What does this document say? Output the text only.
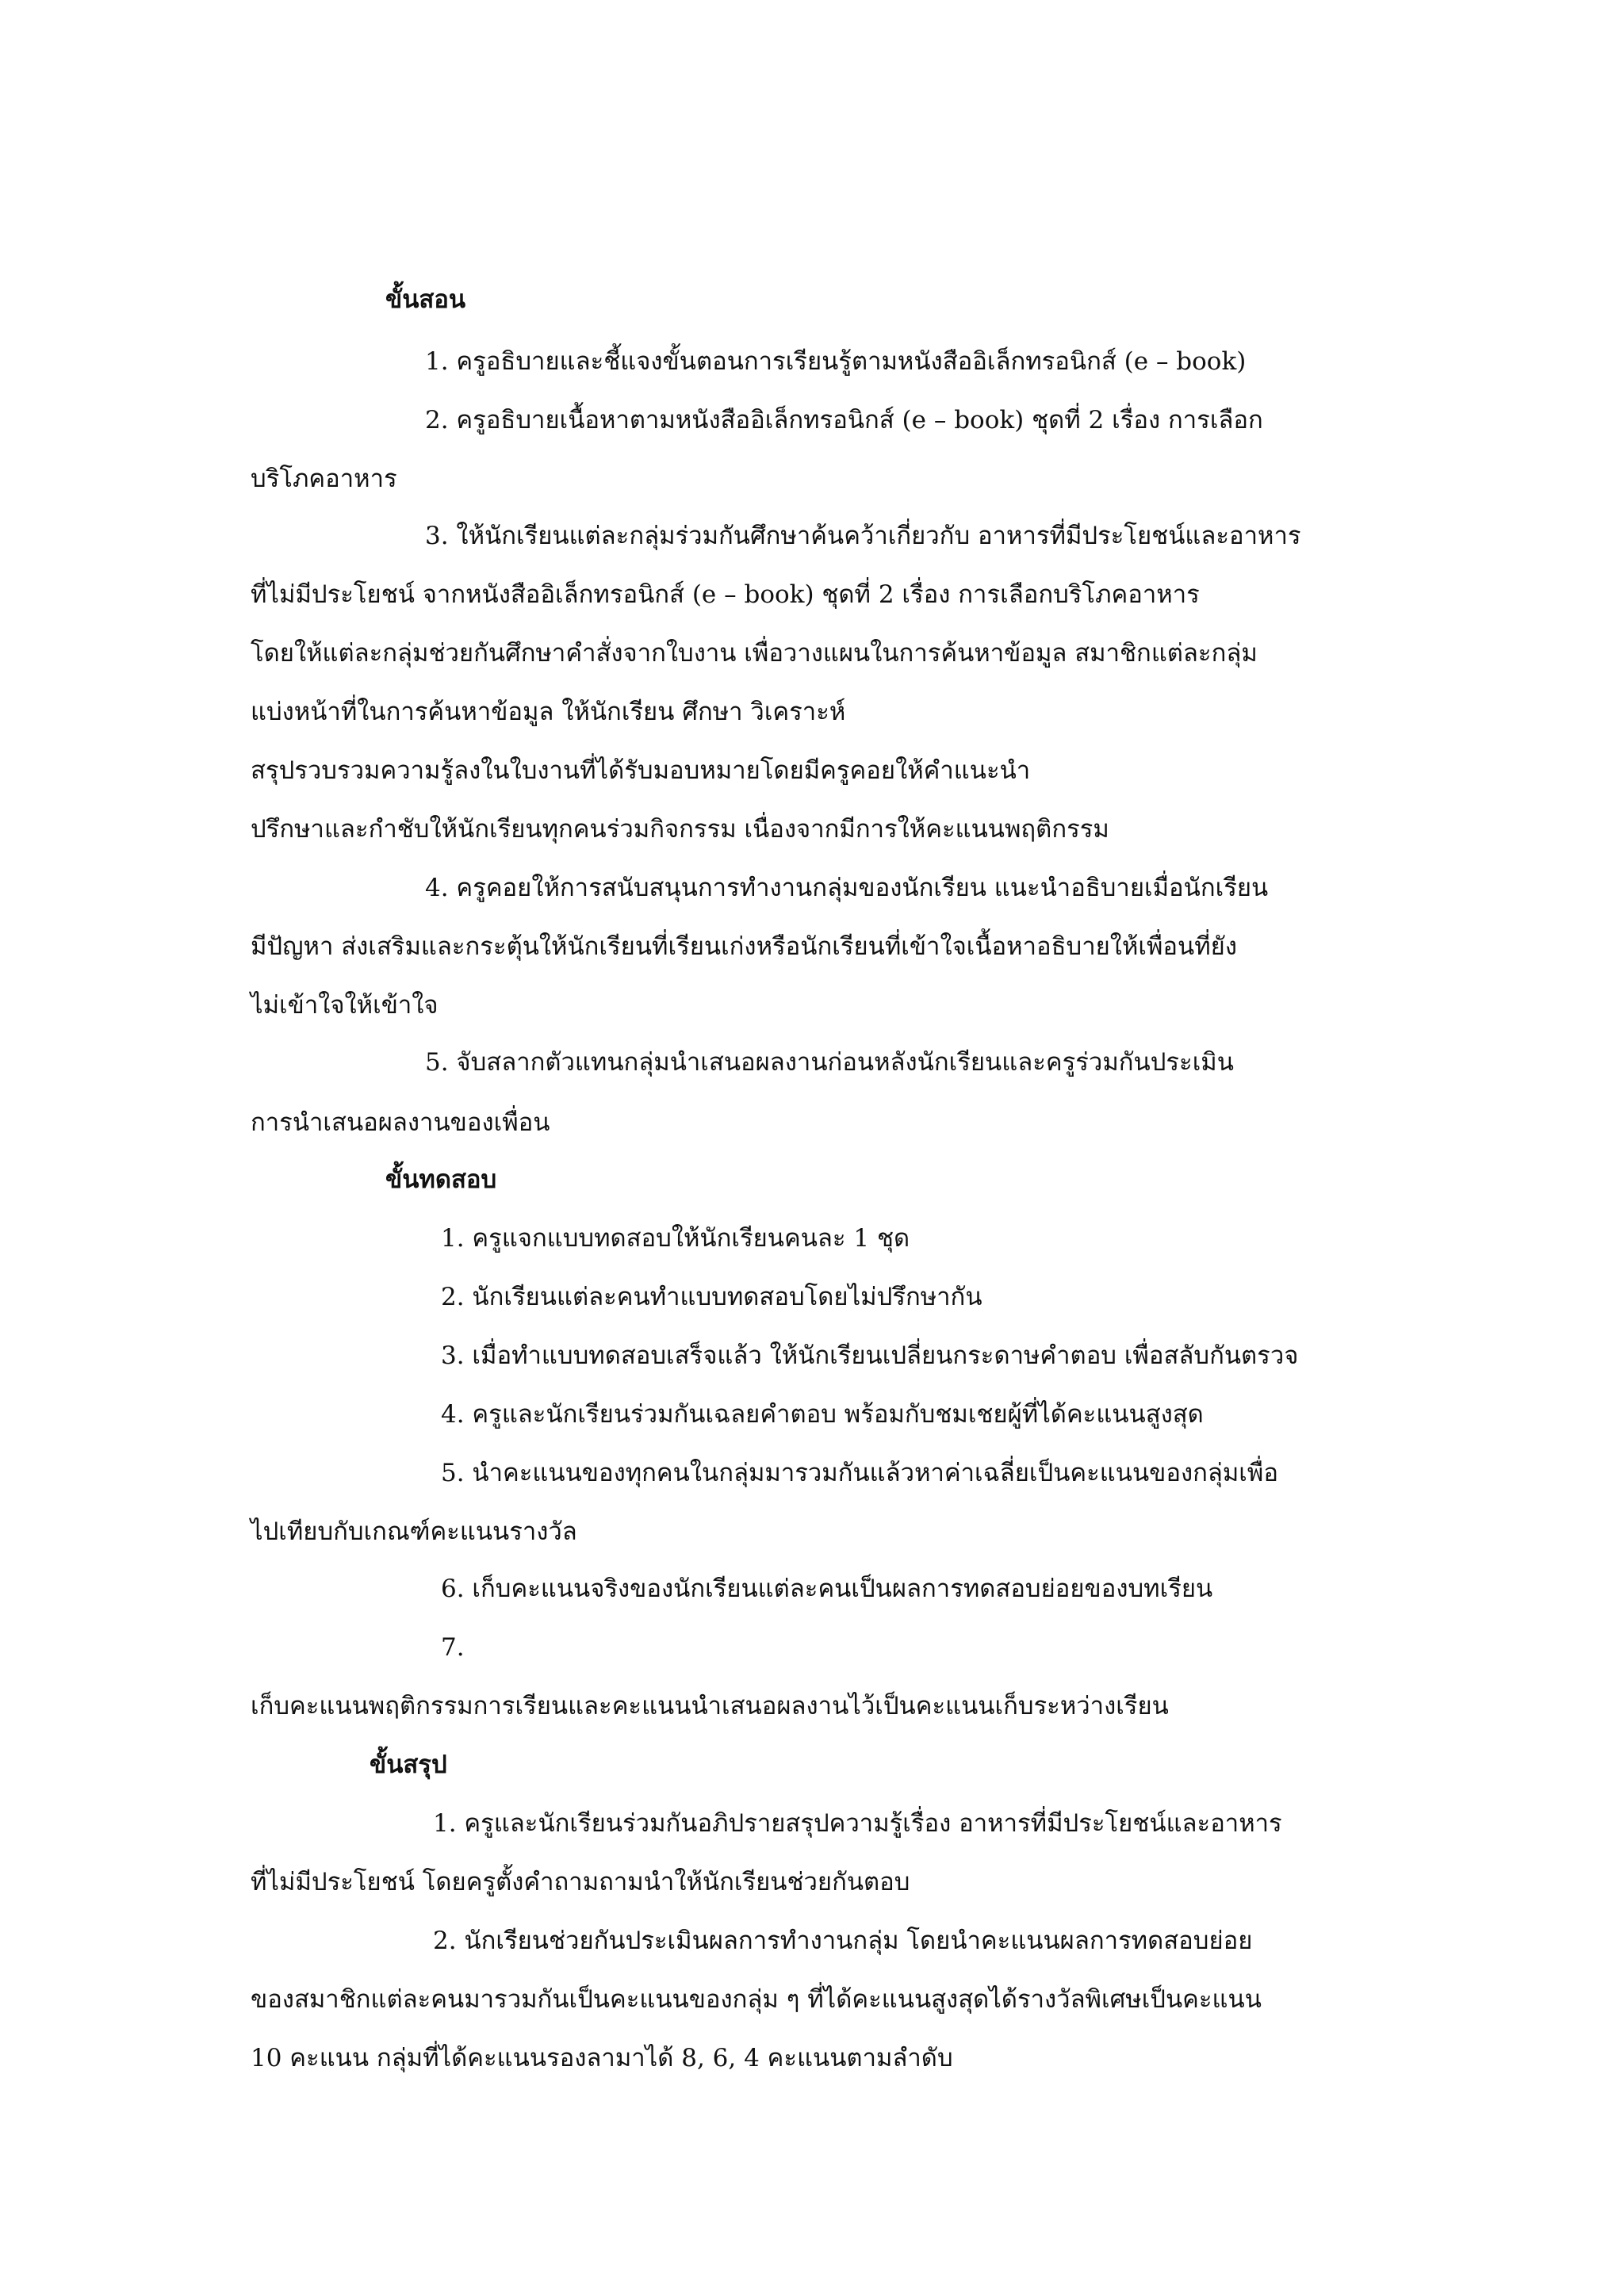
ขั้นสอน
1. ครูอธิบายและชี้แจงขั้นตอนการเรียนรู้ตามหนังสืออิเล็กทรอนิกส์ (e – book)
2. ครูอธิบายเนื้อหาตามหนังสืออิเล็กทรอนิกส์ (e – book) ชุดที่ 2 เรื่อง การเลือก
บริโภคอาหาร
3. ให้นักเรียนแต่ละกลุ่มร่วมกันศึกษาค้นคว้าเกี่ยวกับ อาหารที่มีประโยชน์และอาหาร
ที่ไม่มีประโยชน์ จากหนังสืออิเล็กทรอนิกส์ (e – book) ชุดที่ 2 เรื่อง การเลือกบริโภคอาหาร
โดยให้แต่ละกลุ่มช่วยกันศึกษาคำสั่งจากใบงาน เพื่อวางแผนในการค้นหาข้อมูล สมาชิกแต่ละกลุ่ม
แบ่งหน้าที่ในการค้นหาข้อมูล ให้นักเรียน ศึกษา วิเคราะห์
สรุปรวบรวมความรู้ลงในใบงานที่ได้รับมอบหมายโดยมีครูคอยให้คำแนะนำ
ปรึกษาและกำชับให้นักเรียนทุกคนร่วมกิจกรรม เนื่องจากมีการให้คะแนนพฤติกรรม
4. ครูคอยให้การสนับสนุนการทำงานกลุ่มของนักเรียน แนะนำอธิบายเมื่อนักเรียน
มีปัญหา ส่งเสริมและกระตุ้นให้นักเรียนที่เรียนเก่งหรือนักเรียนที่เข้าใจเนื้อหาอธิบายให้เพื่อนที่ยัง
ไม่เข้าใจให้เข้าใจ
5. จับสลากตัวแทนกลุ่มนำเสนอผลงานก่อนหลังนักเรียนและครูร่วมกันประเมิน
การนำเสนอผลงานของเพื่อน
ขั้นทดสอบ
1. ครูแจกแบบทดสอบให้นักเรียนคนละ 1 ชุด
2. นักเรียนแต่ละคนทำแบบทดสอบโดยไม่ปรึกษากัน
3. เมื่อทำแบบทดสอบเสร็จแล้ว ให้นักเรียนเปลี่ยนกระดาษคำตอบ เพื่อสลับกันตรวจ
4. ครูและนักเรียนร่วมกันเฉลยคำตอบ พร้อมกับชมเชยผู้ที่ได้คะแนนสูงสุด
5. นำคะแนนของทุกคนในกลุ่มมารวมกันแล้วหาค่าเฉลี่ยเป็นคะแนนของกลุ่มเพื่อ
ไปเทียบกับเกณฑ์คะแนนรางวัล
6. เก็บคะแนนจริงของนักเรียนแต่ละคนเป็นผลการทดสอบย่อยของบทเรียน
7.
เก็บคะแนนพฤติกรรมการเรียนและคะแนนนำเสนอผลงานไว้เป็นคะแนนเก็บระหว่างเรียน
ขั้นสรุป
1. ครูและนักเรียนร่วมกันอภิปรายสรุปความรู้เรื่อง อาหารที่มีประโยชน์และอาหาร
ที่ไม่มีประโยชน์ โดยครูตั้งคำถามถามนำให้นักเรียนช่วยกันตอบ
2. นักเรียนช่วยกันประเมินผลการทำงานกลุ่ม โดยนำคะแนนผลการทดสอบย่อย
ของสมาชิกแต่ละคนมารวมกันเป็นคะแนนของกลุ่ม ๆ ที่ได้คะแนนสูงสุดได้รางวัลพิเศษเป็นคะแนน
10 คะแนน กลุ่มที่ได้คะแนนรองลามาได้ 8, 6, 4 คะแนนตามลำดับ
